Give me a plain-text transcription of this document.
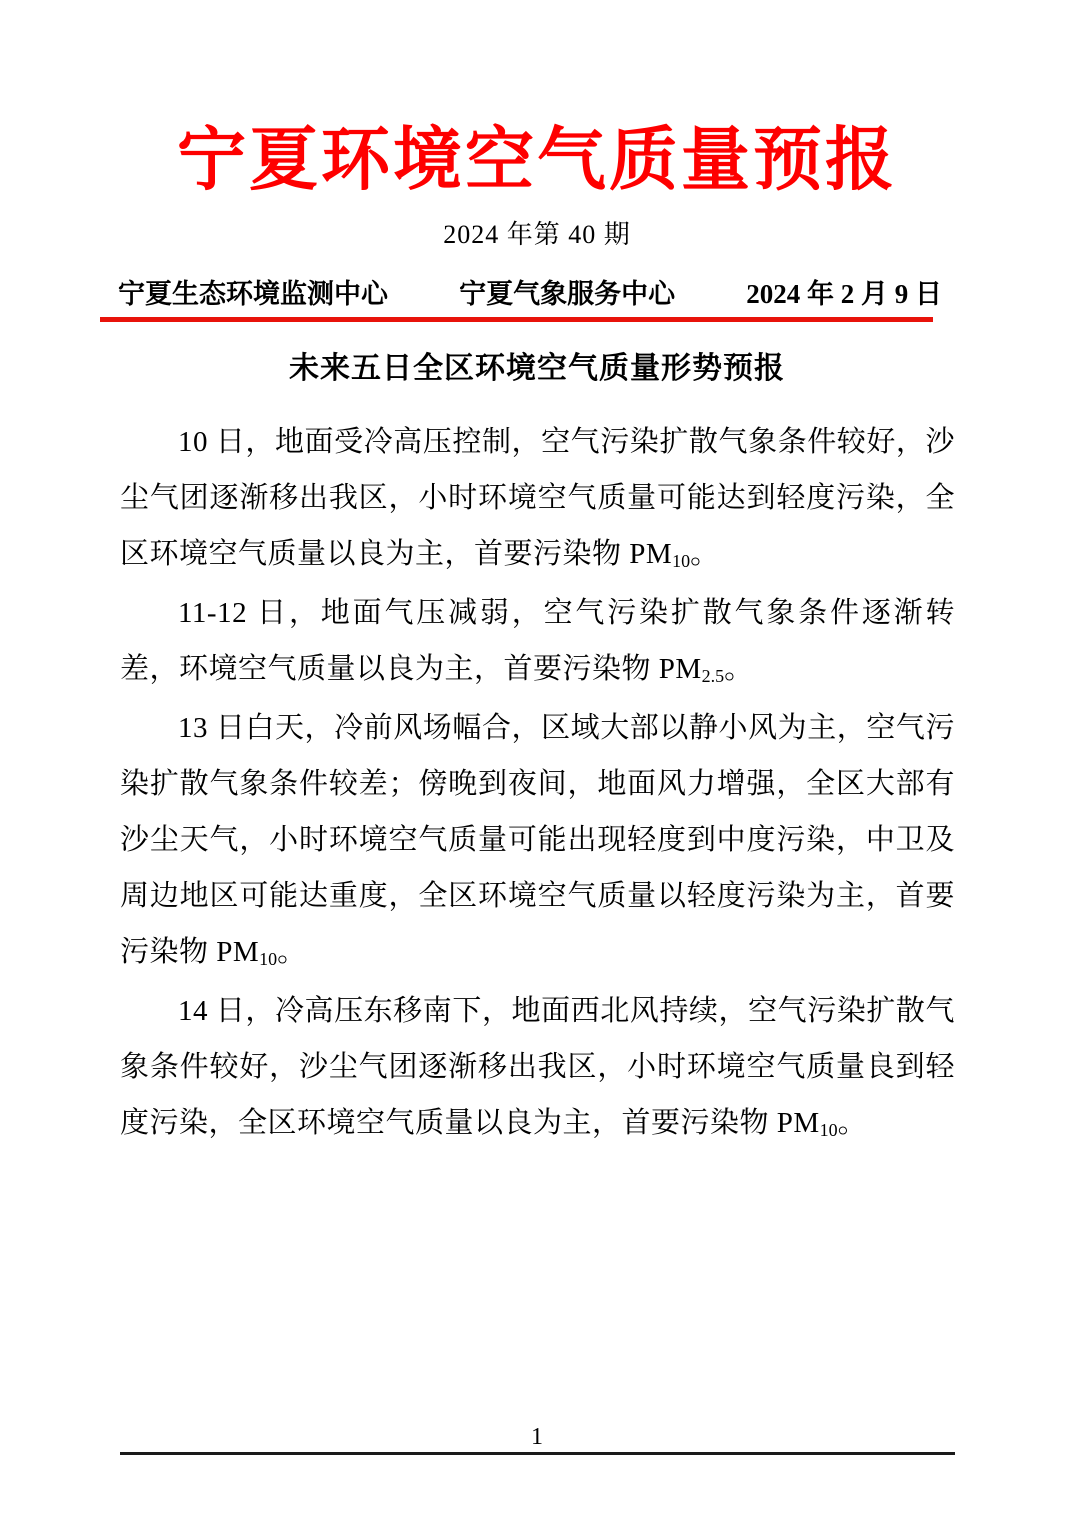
宁夏环境空气质量预报
2024 年第 40 期
宁夏生态环境监测中心	宁夏气象服务中心	2024 年 2 月 9 日
未来五日全区环境空气质量形势预报

10 日，地面受冷高压控制，空气污染扩散气象条件较好，沙尘气团逐渐移出我区，小时环境空气质量可能达到轻度污染，全区环境空气质量以良为主，首要污染物 PM10。

11-12 日，地面气压减弱，空气污染扩散气象条件逐渐转差，环境空气质量以良为主，首要污染物 PM2.5。

13 日白天，冷前风场幅合，区域大部以静小风为主，空气污染扩散气象条件较差；傍晚到夜间，地面风力增强，全区大部有沙尘天气，小时环境空气质量可能出现轻度到中度污染，中卫及周边地区可能达重度，全区环境空气质量以轻度污染为主，首要污染物 PM10。

14 日，冷高压东移南下，地面西北风持续，空气污染扩散气象条件较好，沙尘气团逐渐移出我区，小时环境空气质量良到轻度污染，全区环境空气质量以良为主，首要污染物 PM10。

1
